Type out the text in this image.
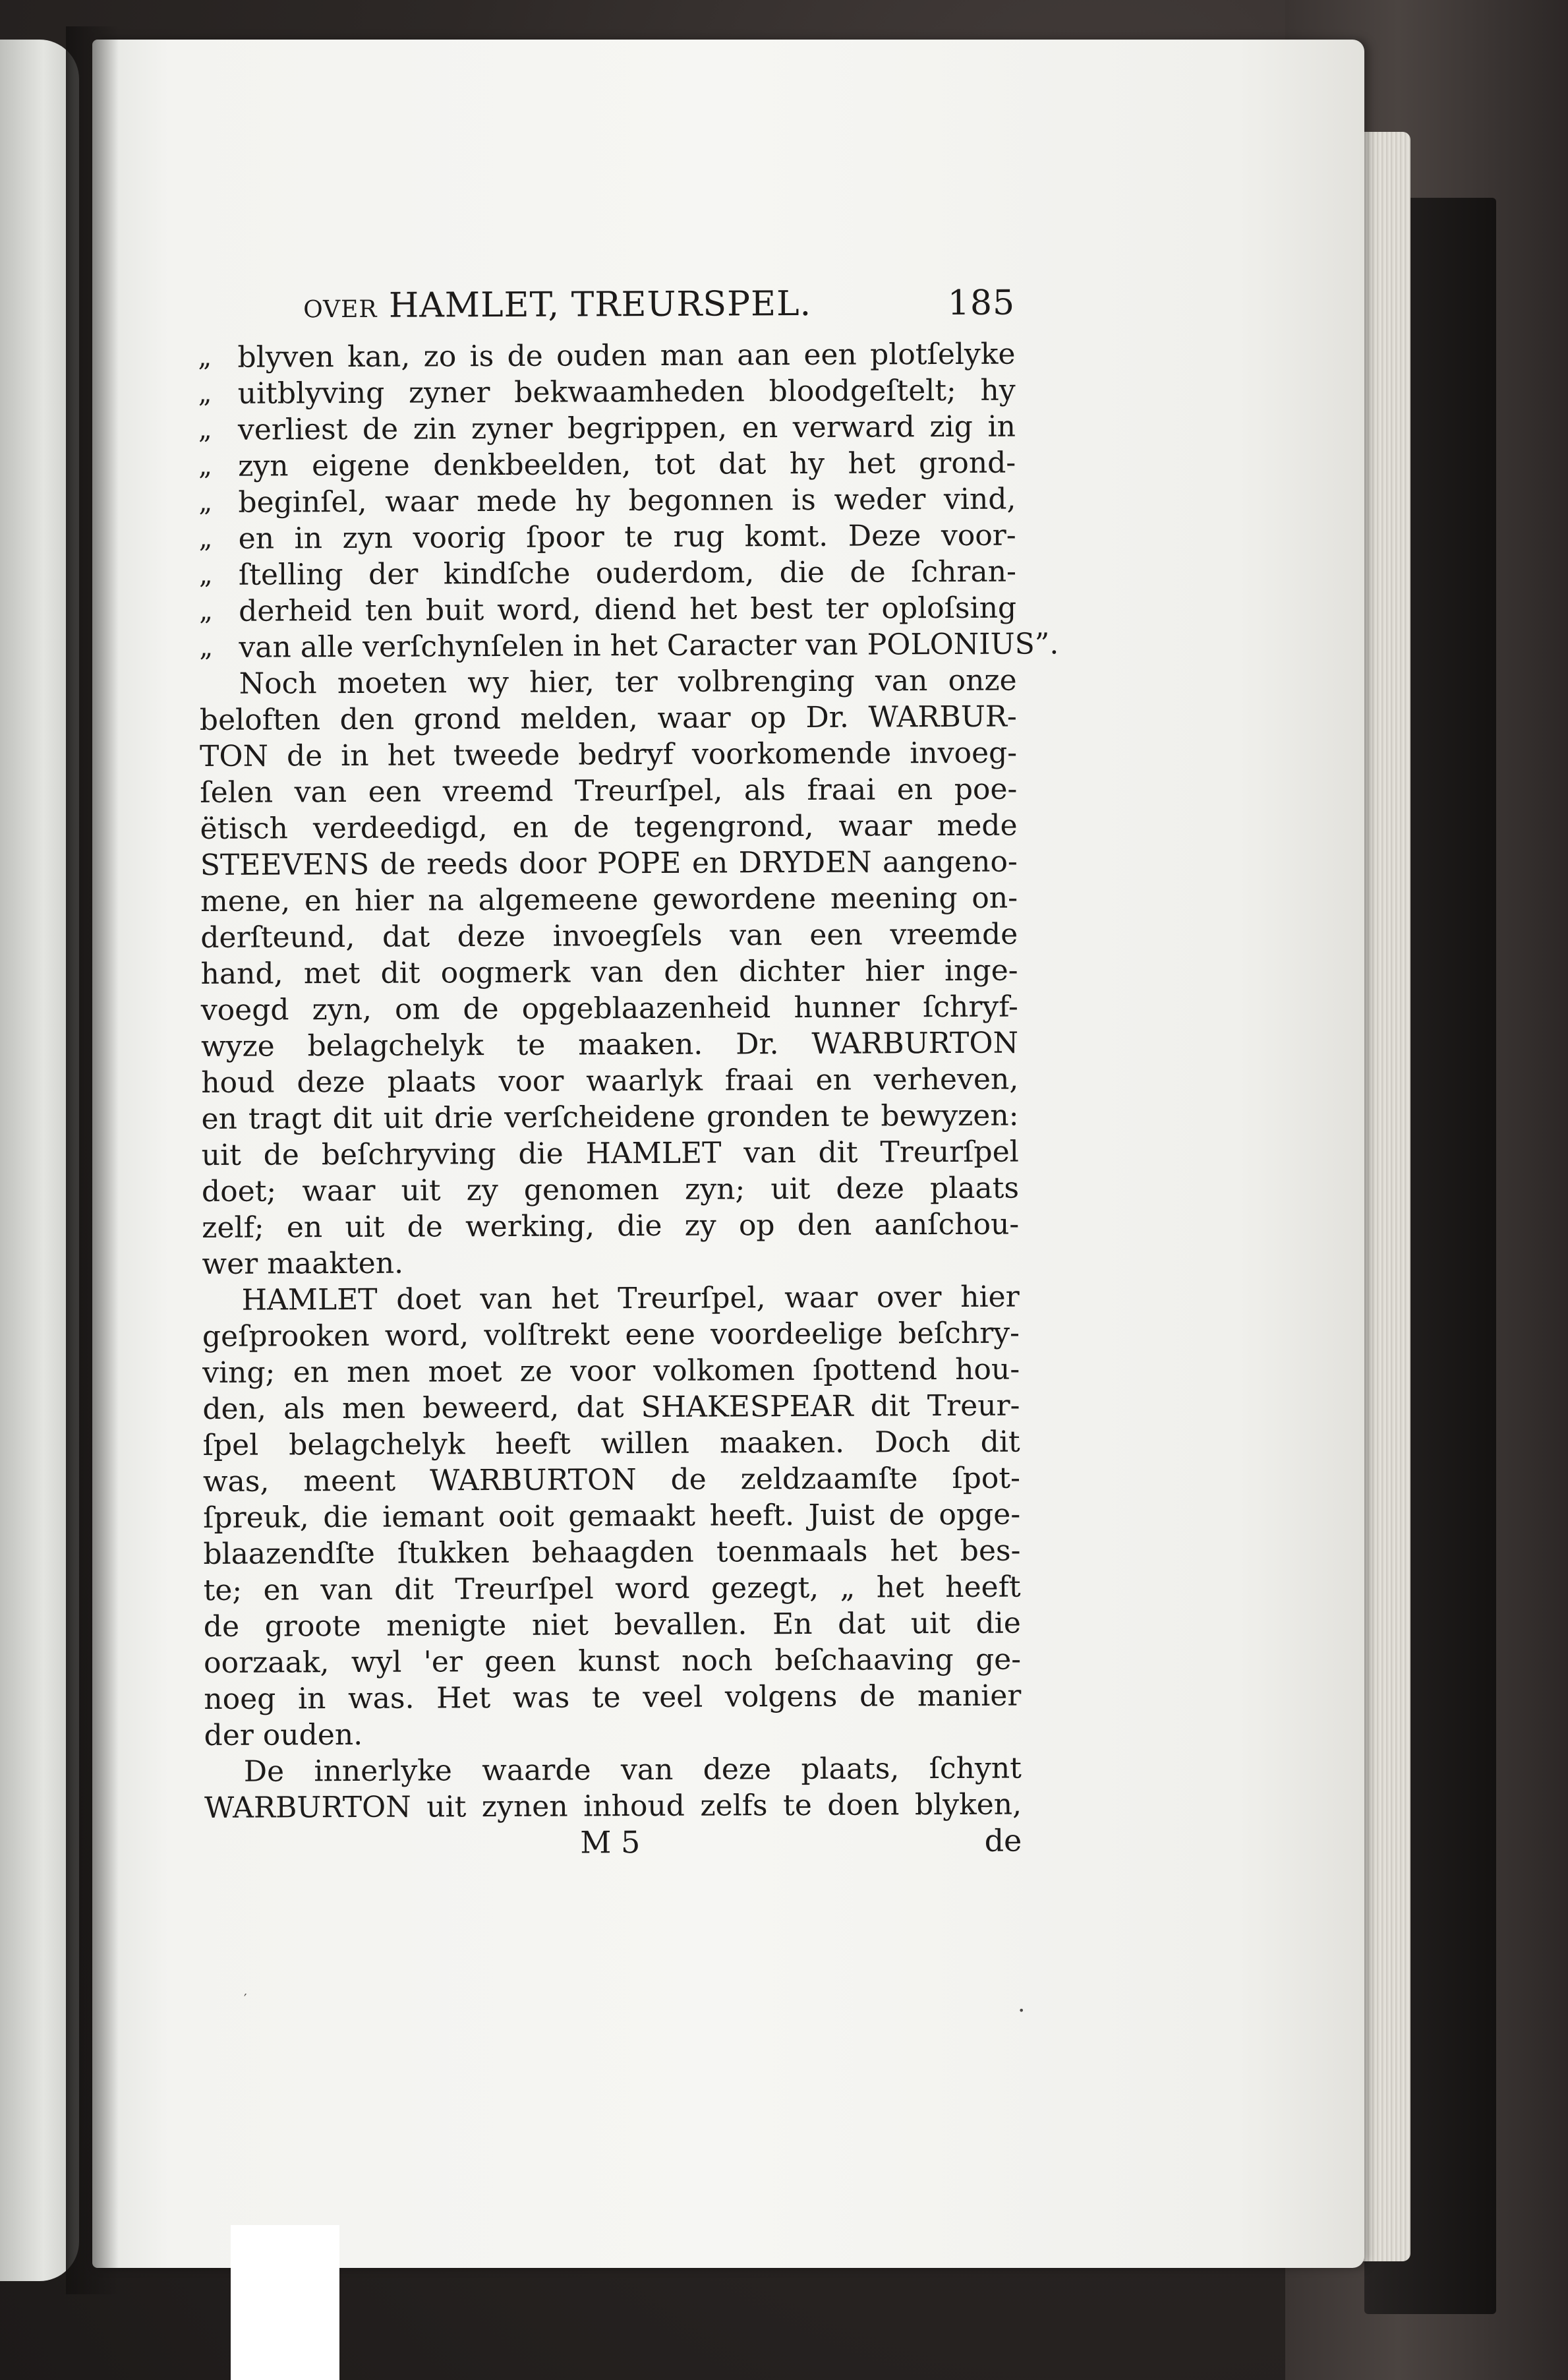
over HAMLET, TREURSPEL.	185
„ blyven kan, zo is de ouden man aan een plotſelyke
„ uitblyving zyner bekwaamheden bloodgeſtelt; hy
„ verliest de zin zyner begrippen, en verward zig in
„ zyn eigene denkbeelden, tot dat hy het grond-
„ beginſel, waar mede hy begonnen is weder vind,
„ en in zyn voorig ſpoor te rug komt. Deze voor-
„ ſtelling der kindſche ouderdom, die de ſchran-
„ derheid ten buit word, diend het best ter oploſsing
„ van alle verſchynſelen in het Caracter van POLONIUS”.
Noch moeten wy hier, ter volbrenging van onze
beloften den grond melden, waar op Dr. WARBUR-
TON de in het tweede bedryf voorkomende invoeg-
ſelen van een vreemd Treurſpel, als fraai en poe-
ëtisch verdeedigd, en de tegengrond, waar mede
STEEVENS de reeds door POPE en DRYDEN aangeno-
mene, en hier na algemeene gewordene meening on-
derſteund, dat deze invoegſels van een vreemde
hand, met dit oogmerk van den dichter hier inge-
voegd zyn, om de opgeblaazenheid hunner ſchryf-
wyze belagchelyk te maaken. Dr. WARBURTON
houd deze plaats voor waarlyk fraai en verheven,
en tragt dit uit drie verſcheidene gronden te bewyzen:
uit de beſchryving die HAMLET van dit Treurſpel
doet; waar uit zy genomen zyn; uit deze plaats
zelf; en uit de werking, die zy op den aanſchou-
wer maakten.
HAMLET doet van het Treurſpel, waar over hier
geſprooken word, volſtrekt eene voordeelige beſchry-
ving; en men moet ze voor volkomen ſpottend hou-
den, als men beweerd, dat SHAKESPEAR dit Treur-
ſpel belagchelyk heeft willen maaken. Doch dit
was, meent WARBURTON de zeldzaamſte ſpot-
ſpreuk, die iemant ooit gemaakt heeft. Juist de opge-
blaazendſte ſtukken behaagden toenmaals het bes-
te; en van dit Treurſpel word gezegt, „ het heeft
de groote menigte niet bevallen. En dat uit die
oorzaak, wyl 'er geen kunst noch beſchaaving ge-
noeg in was. Het was te veel volgens de manier
der ouden.
De innerlyke waarde van deze plaats, ſchynt
WARBURTON uit zynen inhoud zelfs te doen blyken,
M 5	de
•
′
